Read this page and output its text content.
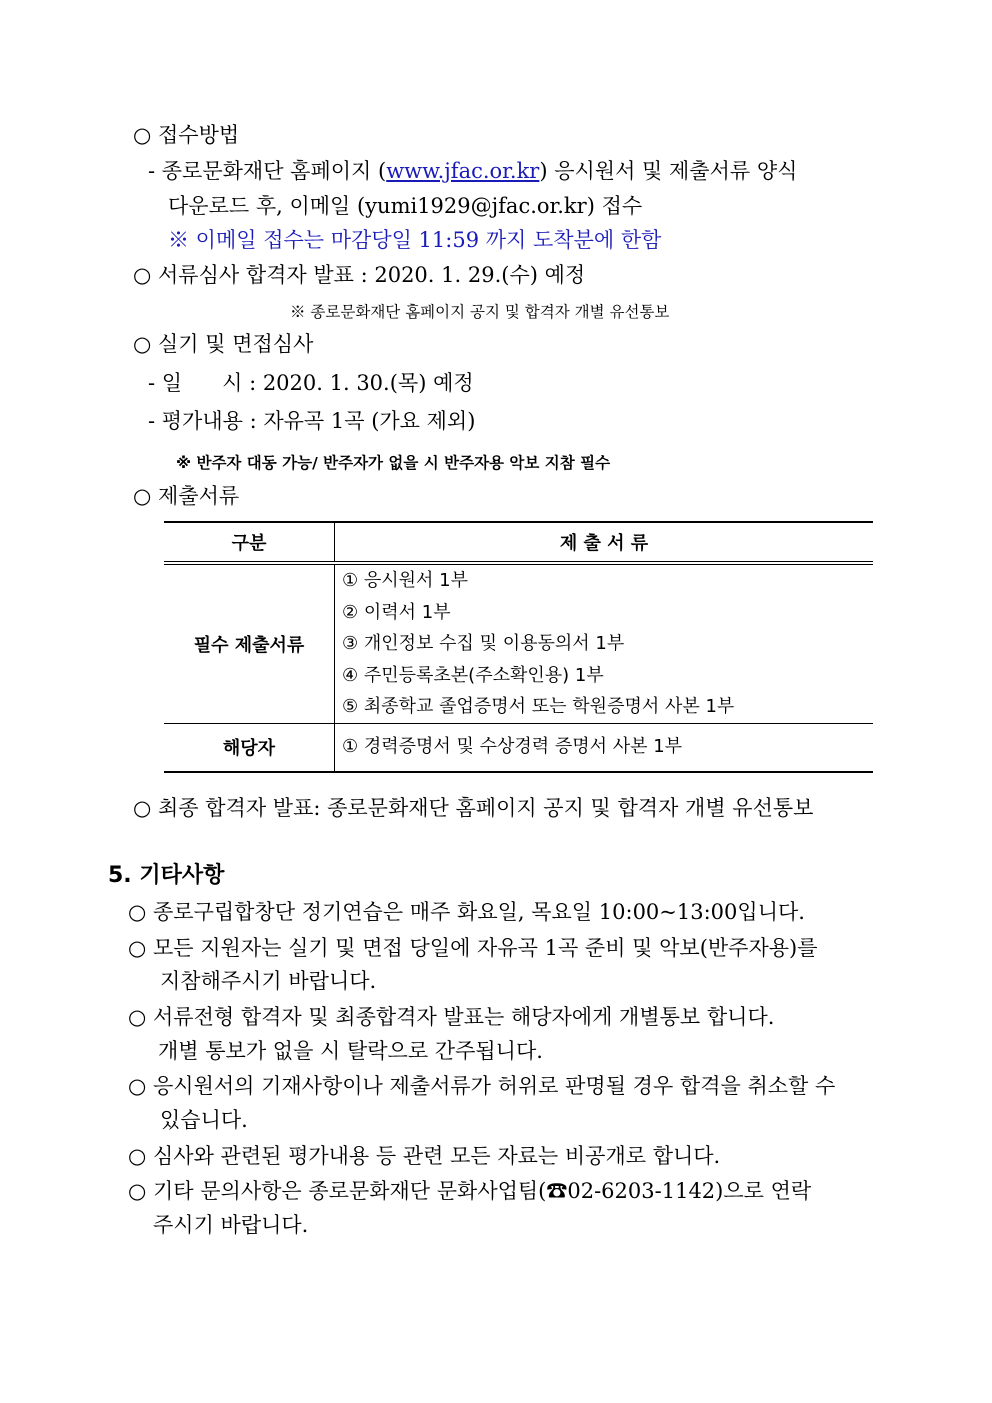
○ 접수방법
- 종로문화재단 홈페이지 (www.jfac.or.kr) 응시원서 및 제출서류 양식
다운로드 후, 이메일 (yumi1929@jfac.or.kr) 접수
※ 이메일 접수는 마감당일 11:59 까지 도착분에 한함
○ 서류심사 합격자 발표 : 2020. 1. 29.(수) 예정
※ 종로문화재단 홈페이지 공지 및 합격자 개별 유선통보
○ 실기 및 면접심사
- 일      시 : 2020. 1. 30.(목) 예정
- 평가내용 : 자유곡 1곡 (가요 제외)
※ 반주자 대동 가능/ 반주자가 없을 시 반주자용 악보 지참 필수
○ 제출서류
구분	제 출 서 류
필수 제출서류	① 응시원서 1부
② 이력서 1부
③ 개인정보 수집 및 이용동의서 1부
④ 주민등록초본(주소확인용) 1부
⑤ 최종학교 졸업증명서 또는 학원증명서 사본 1부

해당자	① 경력증명서 및 수상경력 증명서 사본 1부
○ 최종 합격자 발표: 종로문화재단 홈페이지 공지 및 합격자 개별 유선통보
5. 기타사항
○ 종로구립합창단 정기연습은 매주 화요일, 목요일 10:00~13:00입니다.
○ 모든 지원자는 실기 및 면접 당일에 자유곡 1곡 준비 및 악보(반주자용)를
지참해주시기 바랍니다.
○ 서류전형 합격자 및 최종합격자 발표는 해당자에게 개별통보 합니다.
개별 통보가 없을 시 탈락으로 간주됩니다.
○ 응시원서의 기재사항이나 제출서류가 허위로 판명될 경우 합격을 취소할 수
있습니다.
○ 심사와 관련된 평가내용 등 관련 모든 자료는 비공개로 합니다.
○ 기타 문의사항은 종로문화재단 문화사업팀(☎02-6203-1142)으로 연락
주시기 바랍니다.
